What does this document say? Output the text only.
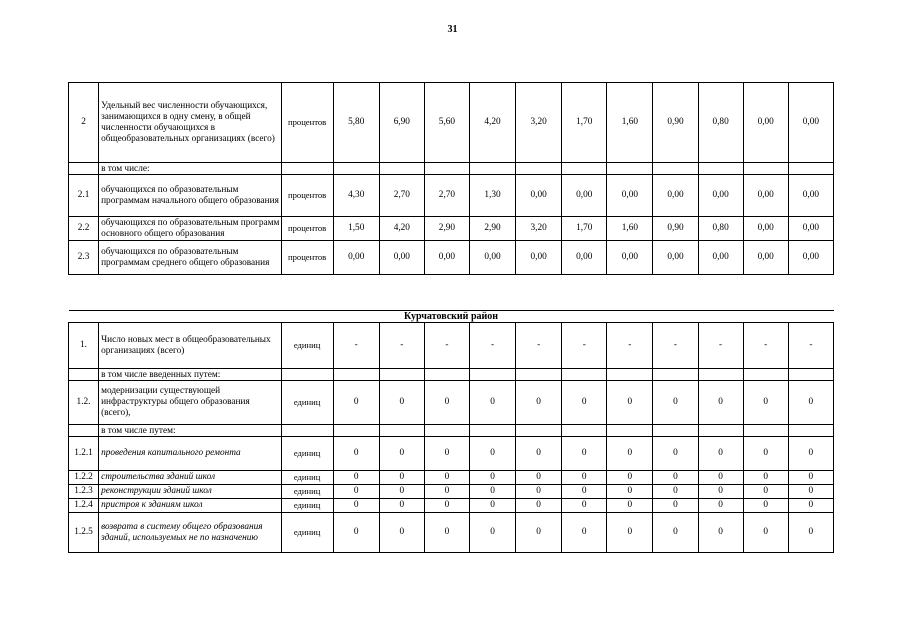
31
2	Удельный вес численности обучающихся, занимающихся в одну смену, в общей численности обучающихся в общеобразовательных организациях (всего)	процентов	5,80	6,90	5,60	4,20	3,20	1,70	1,60	0,90	0,80	0,00	0,00
	в том числе:												
2.1	обучающихся по образовательным программам начального общего образования	процентов	4,30	2,70	2,70	1,30	0,00	0,00	0,00	0,00	0,00	0,00	0,00
2.2	обучающихся по образовательным программ основного общего образования	процентов	1,50	4,20	2,90	2,90	3,20	1,70	1,60	0,90	0,80	0,00	0,00
2.3	обучающихся по образовательным программам среднего общего образования	процентов	0,00	0,00	0,00	0,00	0,00	0,00	0,00	0,00	0,00	0,00	0,00
Курчатовский район													
1.	Число новых мест в общеобразовательных организациях (всего)	единиц	-	-	-	-	-	-	-	-	-	-	-
	в том числе введенных путем:												
1.2.	модернизации существующей инфраструктуры общего образования (всего),	единиц	0	0	0	0	0	0	0	0	0	0	0
	в том числе путем:												
1.2.1	проведения капитального ремонта	единиц	0	0	0	0	0	0	0	0	0	0	0
1.2.2	строительства зданий школ	единиц	0	0	0	0	0	0	0	0	0	0	0
1.2.3	реконструкции зданий школ	единиц	0	0	0	0	0	0	0	0	0	0	0
1.2.4	пристроя к зданиям школ	единиц	0	0	0	0	0	0	0	0	0	0	0
1.2.5	возврата в систему общего образования зданий, используемых не по назначению	единиц	0	0	0	0	0	0	0	0	0	0	0
